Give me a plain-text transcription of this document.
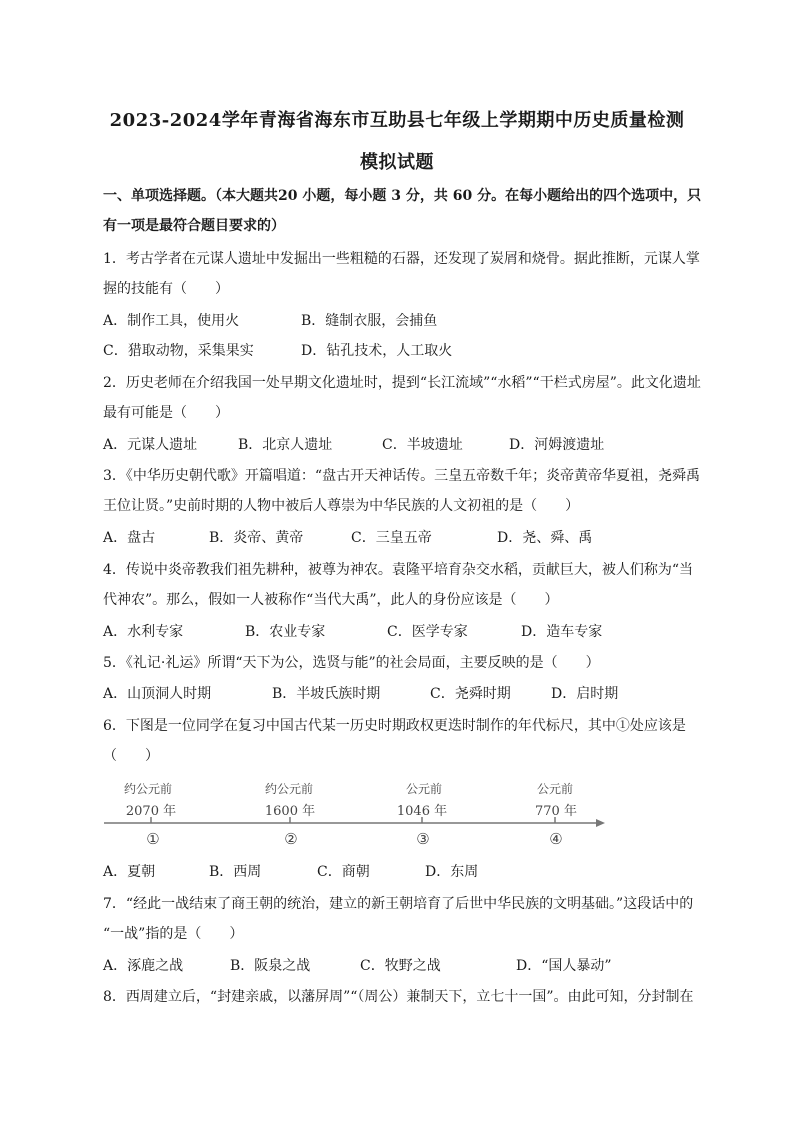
2023-2024学年青海省海东市互助县七年级上学期期中历史质量检测
模拟试题
一、单项选择题。（本大题共20 小题，每小题 3 分，共 60 分。在每小题给出的四个选项中，只
有一项是最符合题目要求的）
1．考古学者在元谋人遗址中发掘出一些粗糙的石器，还发现了炭屑和烧骨。据此推断，元谋人掌
握的技能有（　　）
A．制作工具，使用火	B．缝制衣服，会捕鱼
C．猎取动物，采集果实	D．钻孔技术，人工取火
2．历史老师在介绍我国一处早期文化遗址时，提到“长江流域”“水稻”“干栏式房屋”。此文化遗址
最有可能是（　　）
A．元谋人遗址	B．北京人遗址	C．半坡遗址	D．河姆渡遗址
3．《中华历史朝代歌》开篇唱道：“盘古开天神话传。三皇五帝数千年；炎帝黄帝华夏祖，尧舜禹
王位让贤。”史前时期的人物中被后人尊崇为中华民族的人文初祖的是（　　）
A．盘古	B．炎帝、黄帝	C．三皇五帝	D．尧、舜、禹
4．传说中炎帝教我们祖先耕种，被尊为神农。袁隆平培育杂交水稻，贡献巨大，被人们称为“当
代神农”。那么，假如一人被称作“当代大禹”，此人的身份应该是（　　）
A．水利专家	B．农业专家	C．医学专家	D．造车专家
5．《礼记·礼运》所谓“天下为公，选贤与能”的社会局面，主要反映的是（　　）
A．山顶洞人时期	B．半坡氏族时期	C．尧舜时期	D．启时期
6．下图是一位同学在复习中国古代某一历史时期政权更迭时制作的年代标尺，其中①处应该是
（　　）
约公元前	约公元前	公元前	公元前
2070 年	1600 年	1046 年	770 年
①	②	③	④
A．夏朝	B．西周	C．商朝	D．东周
7．“经此一战结束了商王朝的统治，建立的新王朝培育了后世中华民族的文明基础。”这段话中的
“一战”指的是（　　）
A．涿鹿之战	B．阪泉之战	C．牧野之战	D．“国人暴动”
8．西周建立后，“封建亲戚，以藩屏周”“（周公）兼制天下，立七十一国”。由此可知，分封制在
